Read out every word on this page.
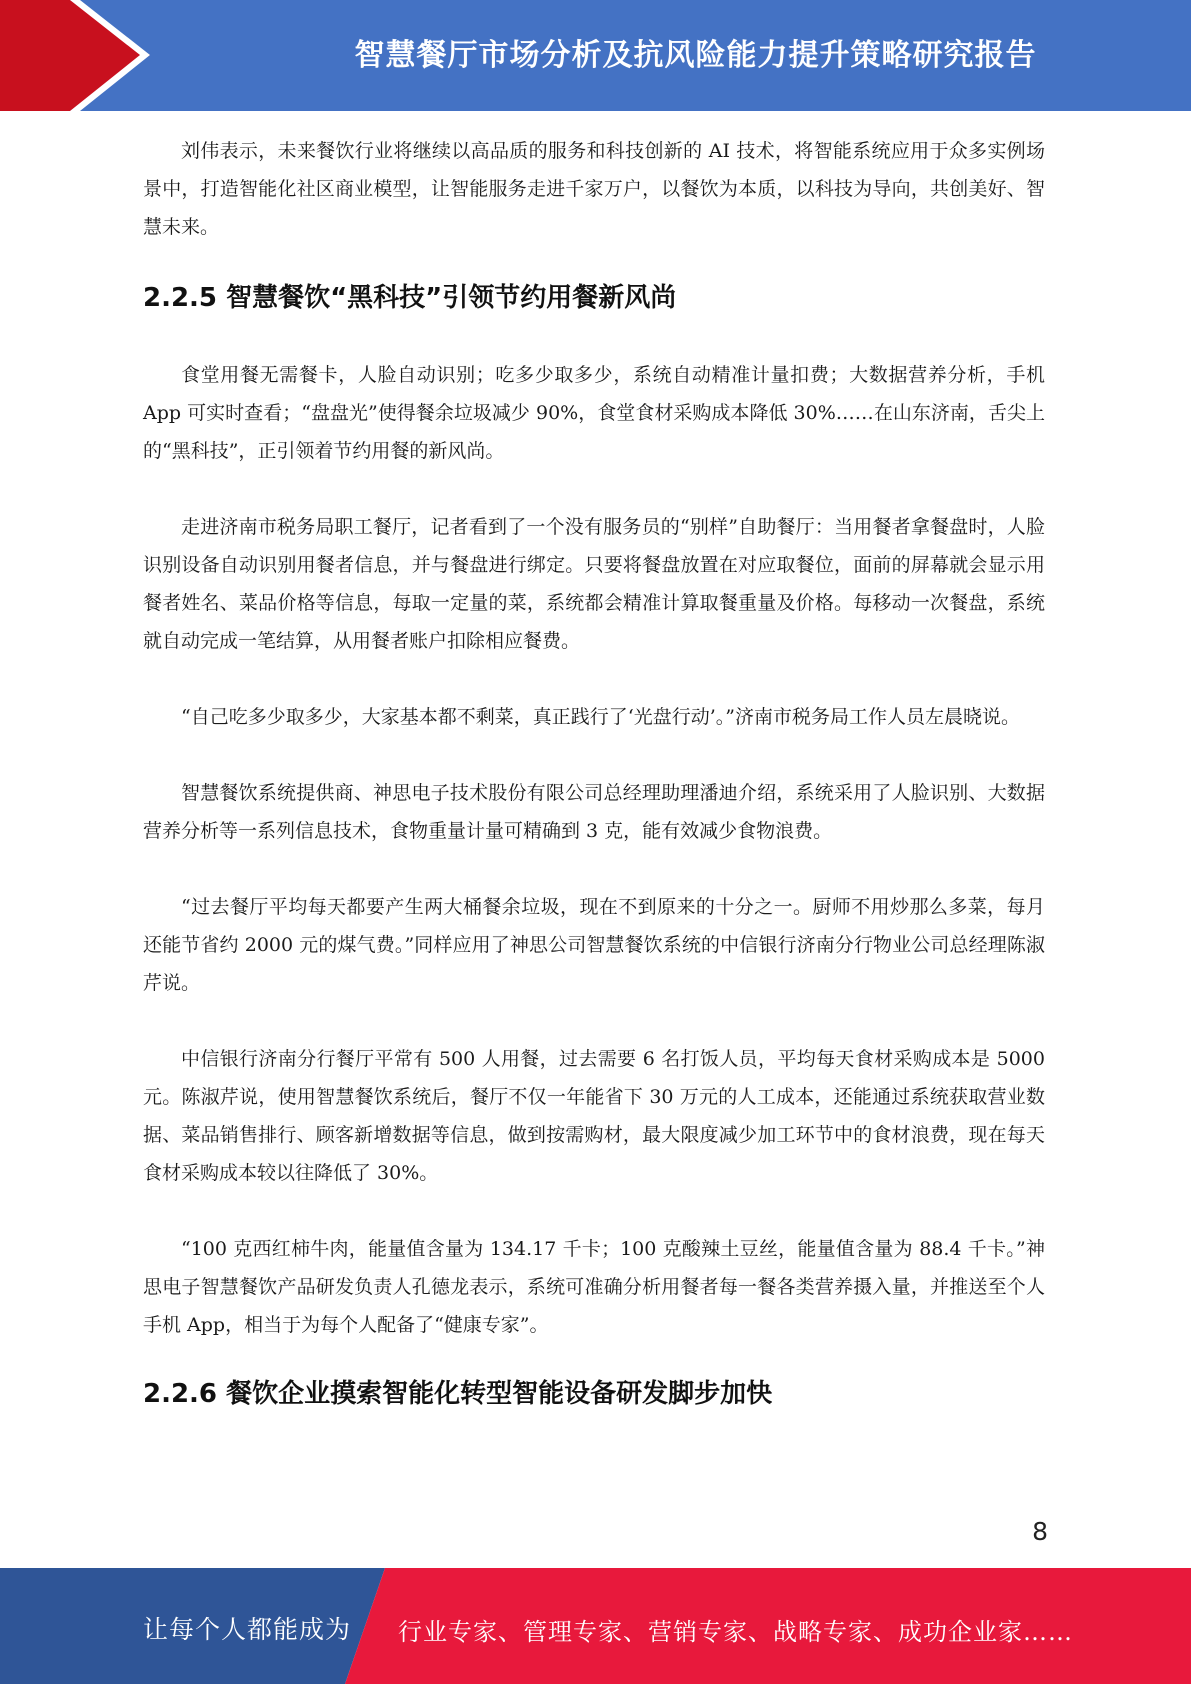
智慧餐厅市场分析及抗风险能力提升策略研究报告

刘伟表示，未来餐饮行业将继续以高品质的服务和科技创新的 AI 技术，将智能系统应用于众多实例场景中，打造智能化社区商业模型，让智能服务走进千家万户，以餐饮为本质，以科技为导向，共创美好、智慧未来。

2.2.5 智慧餐饮“黑科技”引领节约用餐新风尚

食堂用餐无需餐卡，人脸自动识别；吃多少取多少，系统自动精准计量扣费；大数据营养分析，手机 App 可实时查看；“盘盘光”使得餐余垃圾减少 90%，食堂食材采购成本降低 30%……在山东济南，舌尖上的“黑科技”，正引领着节约用餐的新风尚。

走进济南市税务局职工餐厅，记者看到了一个没有服务员的“别样”自助餐厅：当用餐者拿餐盘时，人脸识别设备自动识别用餐者信息，并与餐盘进行绑定。只要将餐盘放置在对应取餐位，面前的屏幕就会显示用餐者姓名、菜品价格等信息，每取一定量的菜，系统都会精准计算取餐重量及价格。每移动一次餐盘，系统就自动完成一笔结算，从用餐者账户扣除相应餐费。

“自己吃多少取多少，大家基本都不剩菜，真正践行了‘光盘行动’。”济南市税务局工作人员左晨晓说。

智慧餐饮系统提供商、神思电子技术股份有限公司总经理助理潘迪介绍，系统采用了人脸识别、大数据营养分析等一系列信息技术，食物重量计量可精确到 3 克，能有效减少食物浪费。

“过去餐厅平均每天都要产生两大桶餐余垃圾，现在不到原来的十分之一。厨师不用炒那么多菜，每月还能节省约 2000 元的煤气费。”同样应用了神思公司智慧餐饮系统的中信银行济南分行物业公司总经理陈淑芹说。

中信银行济南分行餐厅平常有 500 人用餐，过去需要 6 名打饭人员，平均每天食材采购成本是 5000 元。陈淑芹说，使用智慧餐饮系统后，餐厅不仅一年能省下 30 万元的人工成本，还能通过系统获取营业数据、菜品销售排行、顾客新增数据等信息，做到按需购材，最大限度减少加工环节中的食材浪费，现在每天食材采购成本较以往降低了 30%。

“100 克西红柿牛肉，能量值含量为 134.17 千卡；100 克酸辣土豆丝，能量值含量为 88.4 千卡。”神思电子智慧餐饮产品研发负责人孔德龙表示，系统可准确分析用餐者每一餐各类营养摄入量，并推送至个人手机 App，相当于为每个人配备了“健康专家”。

2.2.6 餐饮企业摸索智能化转型智能设备研发脚步加快
8
让每个人都能成为 行业专家、管理专家、营销专家、战略专家、成功企业家……
